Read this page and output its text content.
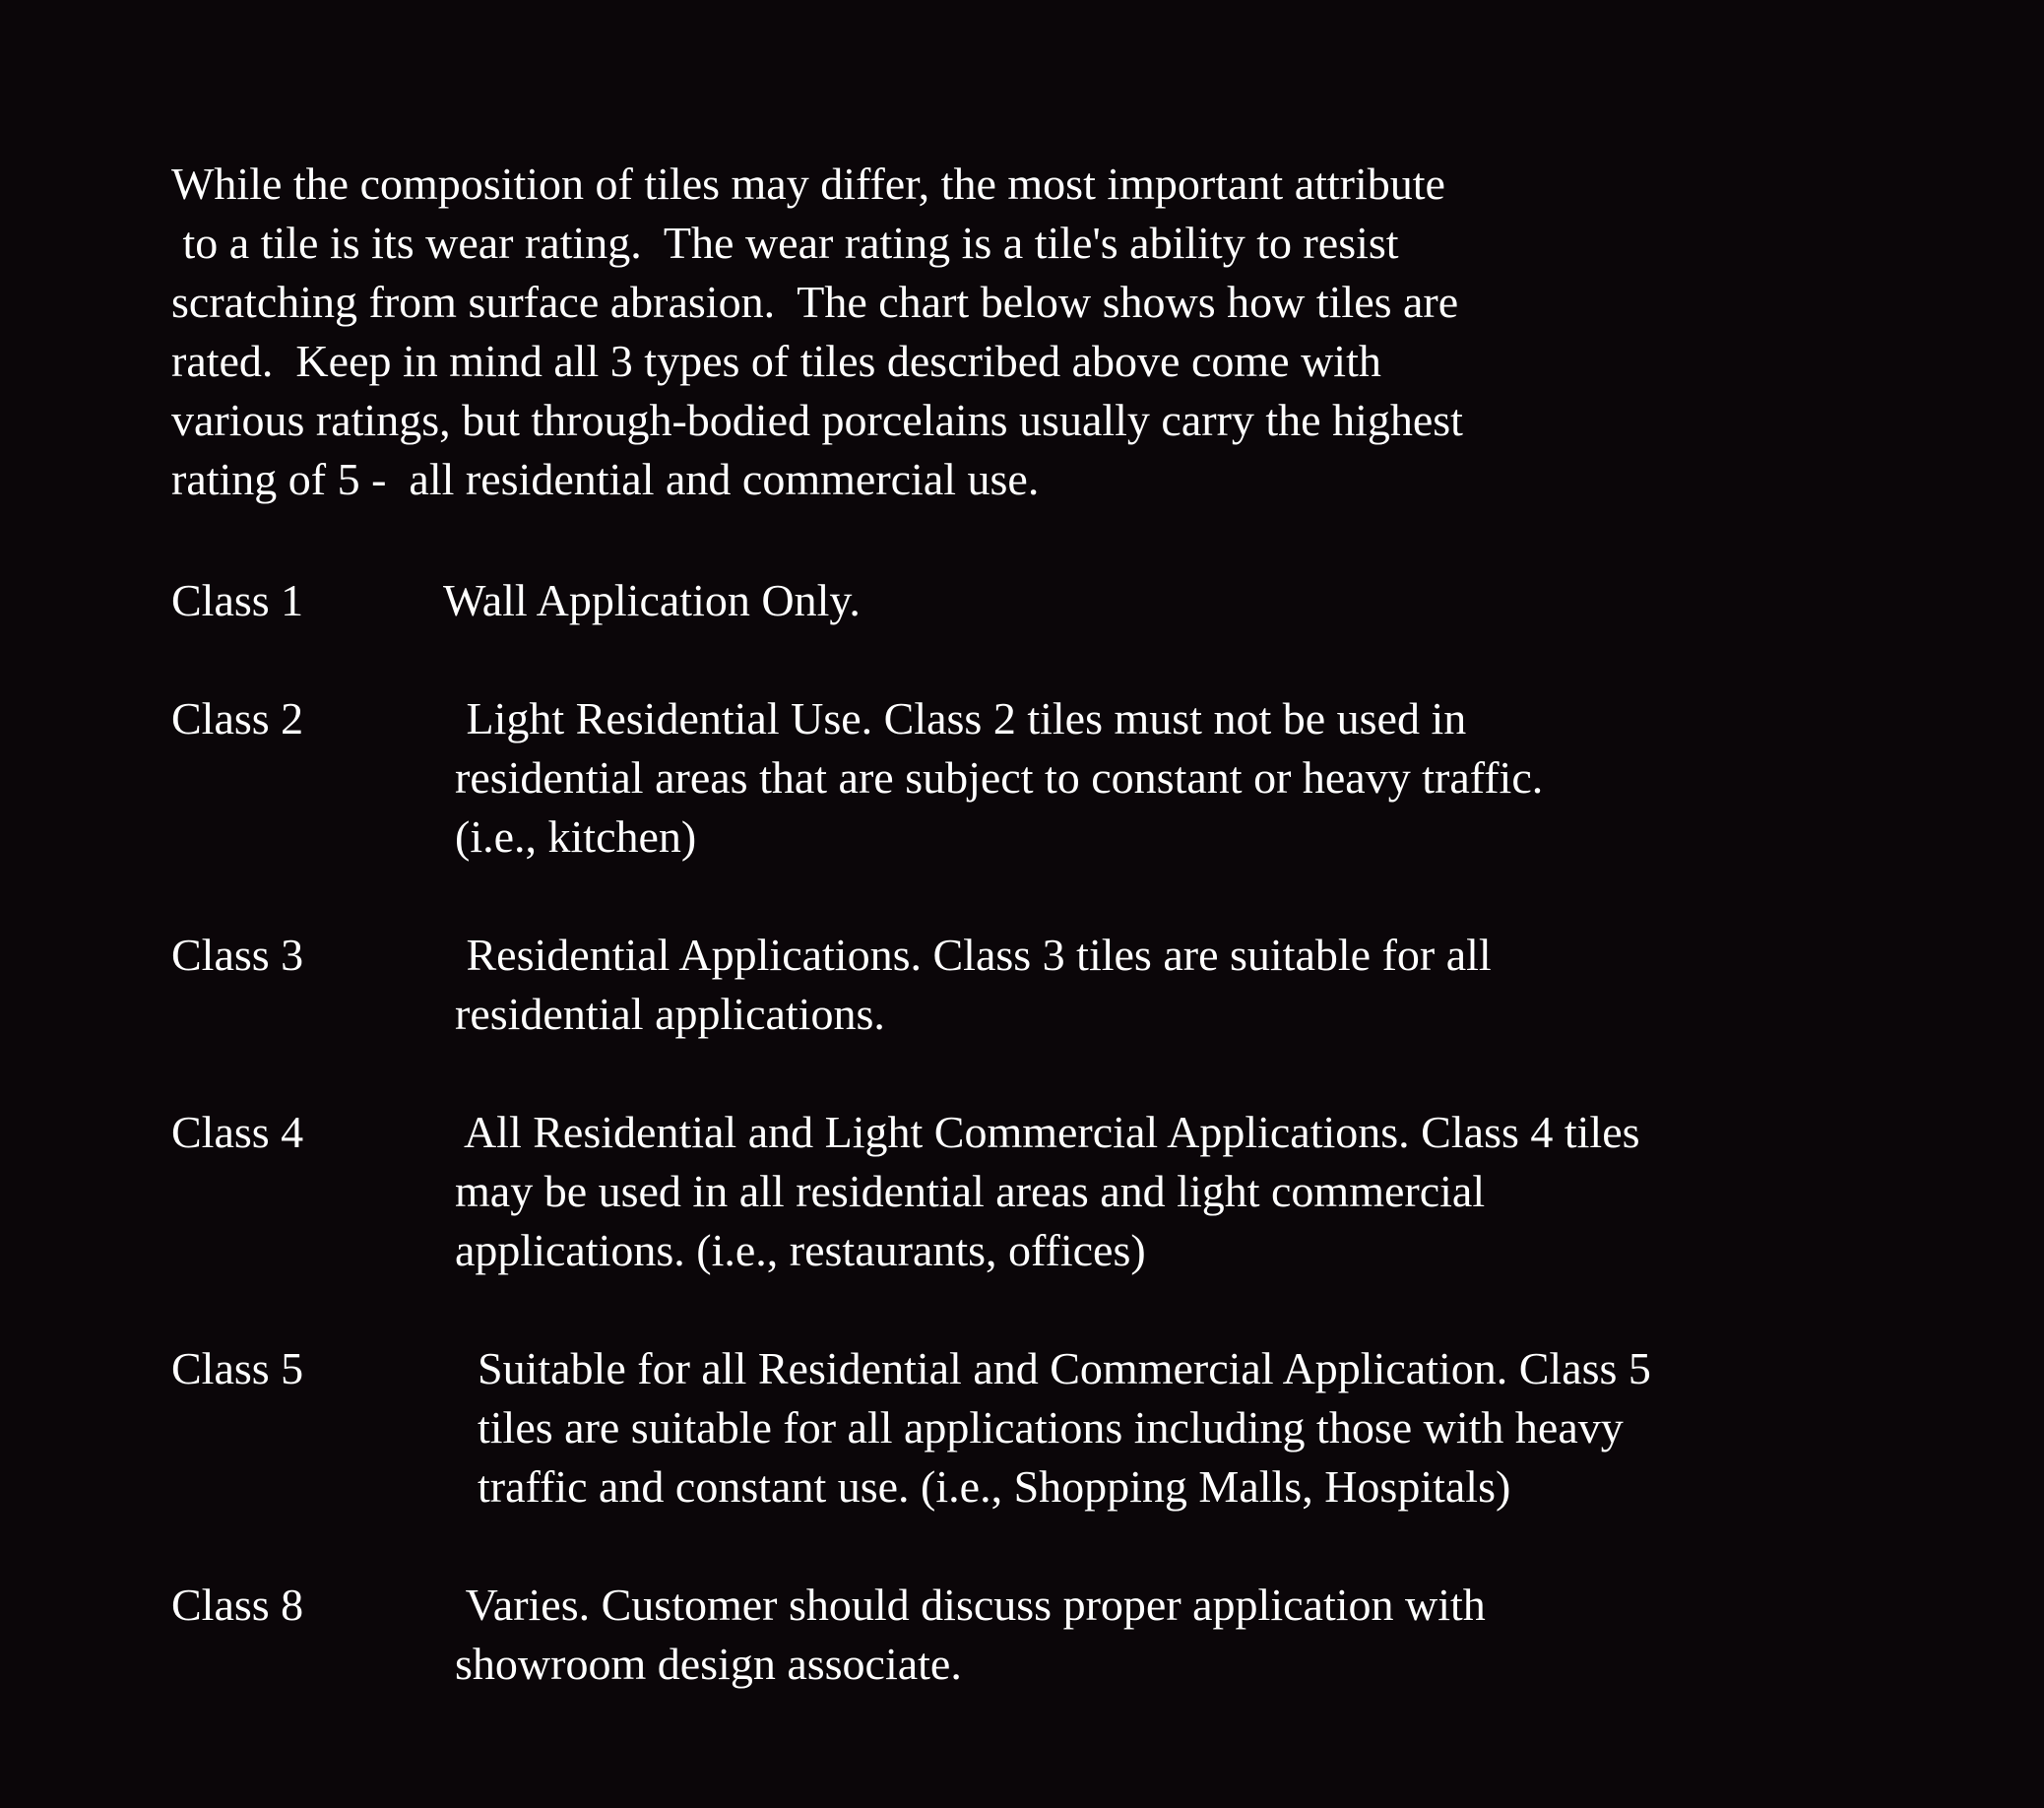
While the composition of tiles may differ, the most important attribute
to a tile is its wear rating.  The wear rating is a tile's ability to resist
scratching from surface abrasion.  The chart below shows how tiles are
rated.  Keep in mind all 3 types of tiles described above come with
various ratings, but through-bodied porcelains usually carry the highest
rating of 5 -  all residential and commercial use.

Class 1	Wall Application Only.
Class 2	Light Residential Use. Class 2 tiles must not be used in
residential areas that are subject to constant or heavy traffic.
(i.e., kitchen)
Class 3	Residential Applications. Class 3 tiles are suitable for all
residential applications.
Class 4	All Residential and Light Commercial Applications. Class 4 tiles
may be used in all residential areas and light commercial
applications. (i.e., restaurants, offices)
Class 5	Suitable for all Residential and Commercial Application. Class 5
tiles are suitable for all applications including those with heavy
traffic and constant use. (i.e., Shopping Malls, Hospitals)
Class 8	Varies. Customer should discuss proper application with
showroom design associate.
